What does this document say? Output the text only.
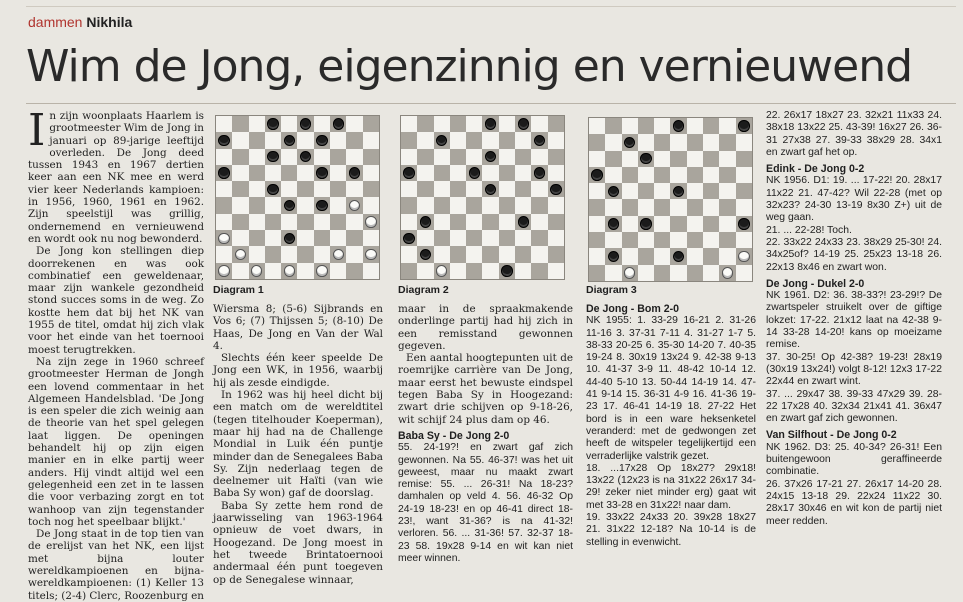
dammen Nikhila
Wim de Jong, eigenzinnig en vernieuwend
I n zijn woonplaats Haarlem is grootmeester Wim de Jong in januari op 89-jarige leeftijd overleden. De Jong deed tussen 1943 en 1967 dertien keer aan een NK mee en werd vier keer Nederlands kampioen: in 1956, 1960, 1961 en 1962. Zijn speelstijl was grillig, ondernemend en vernieuwend en wordt ook nu nog bewonderd.

De Jong kon stellingen diep doorrekenen en was ook combinatief een geweldenaar, maar zijn wankele gezondheid stond succes soms in de weg. Zo kostte hem dat bij het NK van 1955 de titel, omdat hij zich vlak voor het einde van het toernooi moest terugtrekken.

Na zijn zege in 1960 schreef grootmeester Herman de Jongh een lovend commentaar in het Algemeen Handelsblad. 'De Jong is een speler die zich weinig aan de theorie van het spel gelegen laat liggen. De openingen behandelt hij op zijn eigen manier en in elke partij weer anders. Hij vindt altijd wel een gelegenheid een zet in te lassen die voor verbazing zorgt en tot wanhoop van zijn tegenstander toch nog het speelbaar blijkt.'

De Jong staat in de top tien van de erelijst van het NK, een lijst met bijna louter wereldkampioenen en bijna-wereldkampioenen: (1) Keller 13 titels; (2-4) Clerc, Roozenburg en

Diagram 1	Diagram 2	Diagram 3

Wiersma 8; (5-6) Sijbrands en Vos 6; (7) Thijssen 5; (8-10) De Haas, De Jong en Van der Wal 4.

Slechts één keer speelde De Jong een WK, in 1956, waarbij hij als zesde eindigde.

In 1962 was hij heel dicht bij een match om de wereldtitel (tegen titelhouder Koeperman), maar hij had na de Challenge Mondial in Luik één puntje minder dan de Senegalees Baba Sy. Zijn nederlaag tegen de deelnemer uit Haïti (van wie Baba Sy won) gaf de doorslag.

Baba Sy zette hem rond de jaarwisseling van 1963-1964 opnieuw de voet dwars, in Hoogezand. De Jong moest in het tweede Brintatoernooi andermaal één punt toegeven op de Senegalese winnaar,

maar in de spraakmakende onderlinge partij had hij zich in een remisstand gewonnen gegeven.

Een aantal hoogtepunten uit de roemrijke carrière van De Jong, maar eerst het bewuste eindspel tegen Baba Sy in Hoogezand: zwart drie schijven op 9-18-26, wit schijf 24 plus dam op 46.

Baba Sy - De Jong 2-0

55. 24-19?! en zwart gaf zich gewonnen. Na 55. 46-37! was het uit geweest, maar nu maakt zwart remise: 55. ... 26-31! Na 18-23? damhalen op veld 4. 56. 46-32 Op 24-19 18-23! en op 46-41 direct 18-23!, want 31-36? is na 41-32! verloren. 56. ... 31-36! 57. 32-37 18-23 58. 19x28 9-14 en wit kan niet meer winnen.

De Jong - Bom 2-0

NK 1955: 1. 33-29 16-21 2. 31-26 11-16 3. 37-31 7-11 4. 31-27 1-7 5. 38-33 20-25 6. 35-30 14-20 7. 40-35 19-24 8. 30x19 13x24 9. 42-38 9-13 10. 41-37 3-9 11. 48-42 10-14 12. 44-40 5-10 13. 50-44 14-19 14. 47-41 9-14 15. 36-31 4-9 16. 41-36 19-23 17. 46-41 14-19 18. 27-22 Het bord is in een ware heksenketel veranderd: met de gedwongen zet heeft de witspeler tegelijkertijd een verraderlijke valstrik gezet.

18. ...17x28 Op 18x27? 29x18! 13x22 (12x23 is na 31x22 26x17 34-29! zeker niet minder erg) gaat wit met 33-28 en 31x22! naar dam.

19. 33x22 24x33 20. 39x28 18x27 21. 31x22 12-18? Na 10-14 is de stelling in evenwicht.

22. 26x17 18x27 23. 32x21 11x33 24. 38x18 13x22 25. 43-39! 16x27 26. 36-31 27x38 27. 39-33 38x29 28. 34x1 en zwart gaf het op.

Edink - De Jong 0-2

NK 1956. D1: 19. ... 17-22! 20. 28x17 11x22 21. 47-42? Wil 22-28 (met op 32x23? 24-30 13-19 8x30 Z+) uit de weg gaan.

21. ... 22-28! Toch.

22. 33x22 24x33 23. 38x29 25-30! 24. 34x25of? 14-19 25. 25x23 13-18 26. 22x13 8x46 en zwart won.

De Jong - Dukel 2-0

NK 1961. D2: 36. 38-33?! 23-29!? De zwartspeler struikelt over de giftige lokzet: 17-22. 21x12 laat na 42-38 9-14 33-28 14-20! kans op moeizame remise.

37. 30-25! Op 42-38? 19-23! 28x19 (30x19 13x24!) volgt 8-12! 12x3 17-22 22x44 en zwart wint.

37. ... 29x47 38. 39-33 47x29 39. 28-22 17x28 40. 32x34 21x41 41. 36x47 en zwart gaf zich gewonnen.

Van Silfhout - De Jong 0-2

NK 1962. D3: 25. 40-34? 26-31! Een buitengewoon geraffineerde combinatie.

26. 37x26 17-21 27. 26x17 14-20 28. 24x15 13-18 29. 22x24 11x22 30. 28x17 30x46 en wit kon de partij niet meer redden.
